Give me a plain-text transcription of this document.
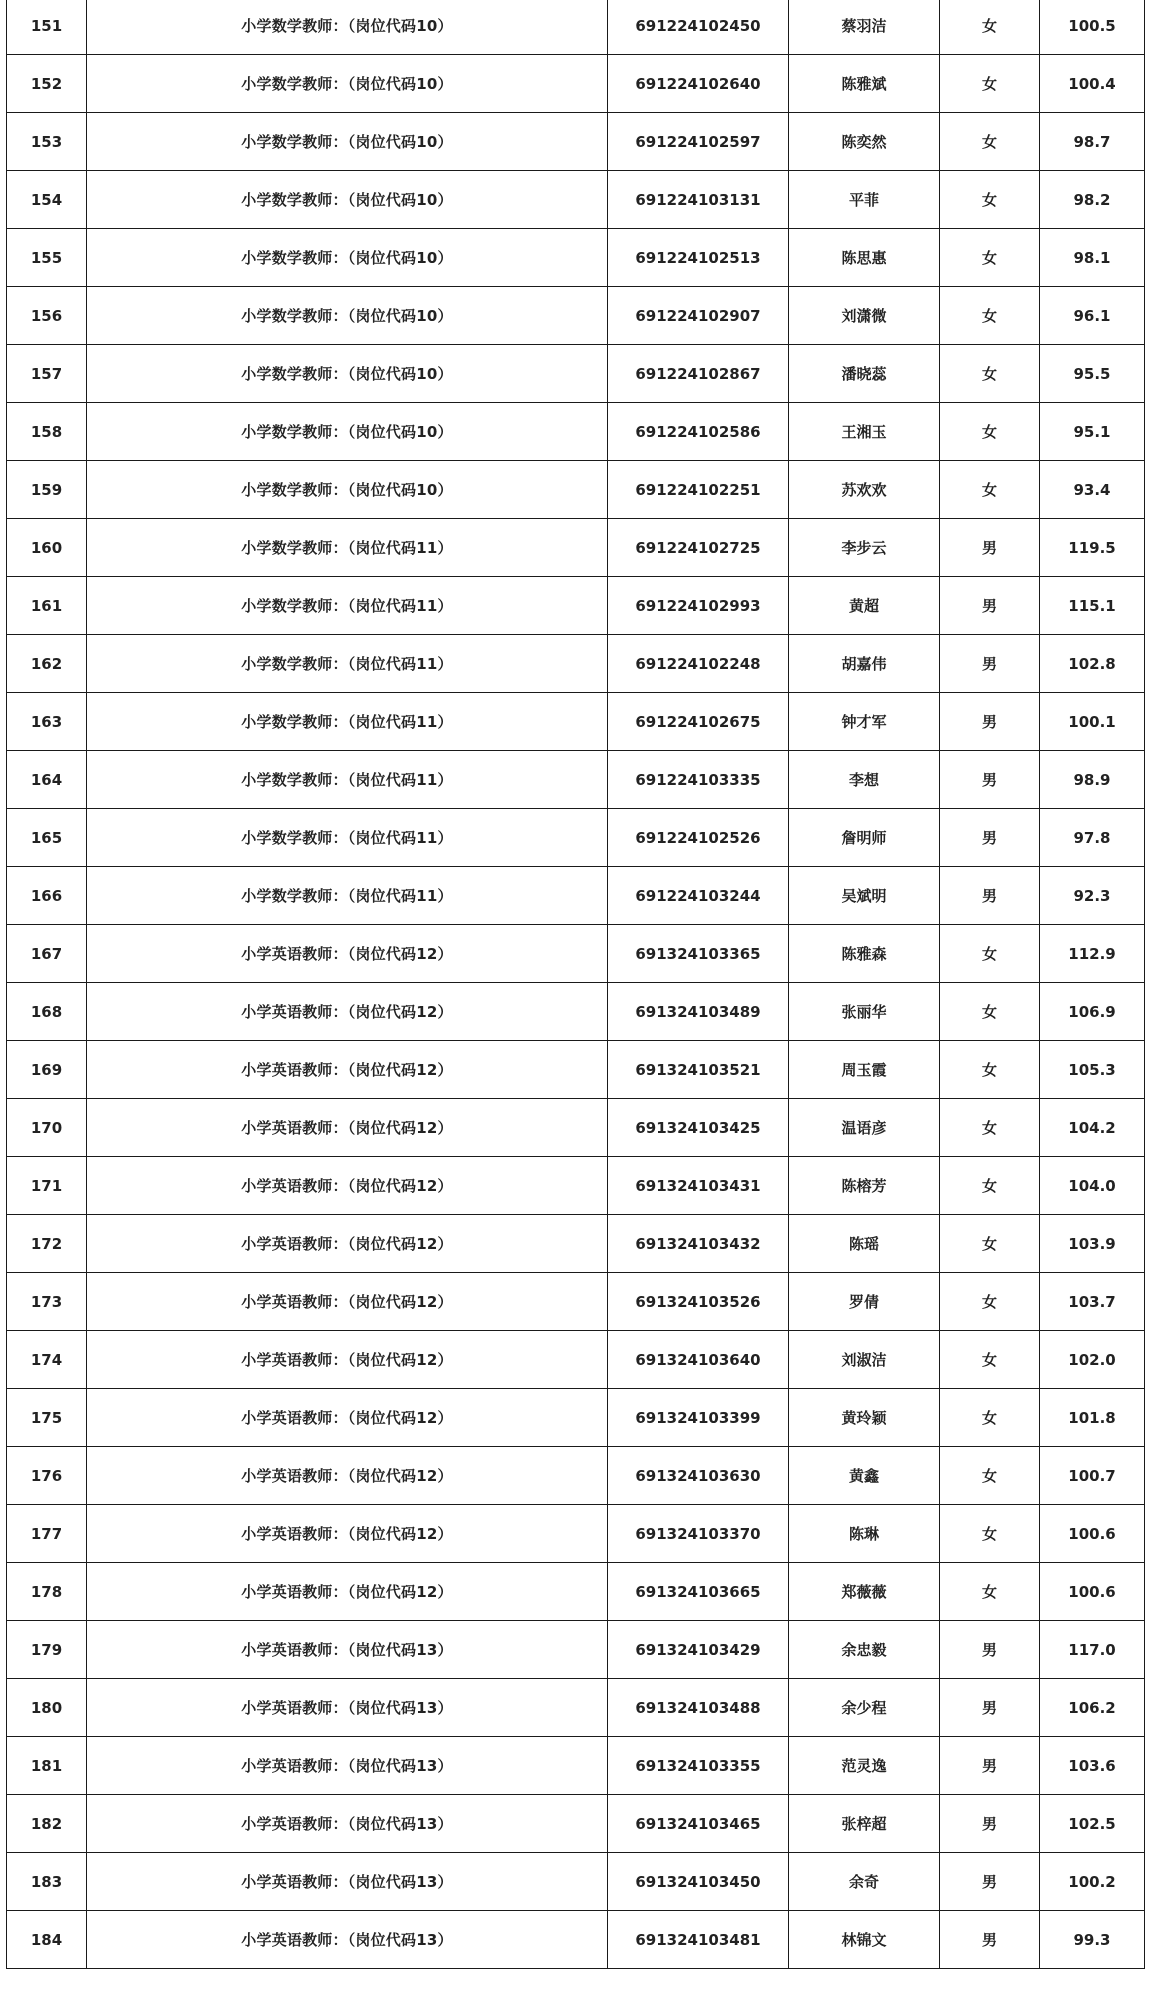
151	小学数学教师：（岗位代码10）	691224102450	蔡羽洁	女	100.5
152	小学数学教师：（岗位代码10）	691224102640	陈雅斌	女	100.4
153	小学数学教师：（岗位代码10）	691224102597	陈奕然	女	98.7
154	小学数学教师：（岗位代码10）	691224103131	平菲	女	98.2
155	小学数学教师：（岗位代码10）	691224102513	陈思惠	女	98.1
156	小学数学教师：（岗位代码10）	691224102907	刘潇微	女	96.1
157	小学数学教师：（岗位代码10）	691224102867	潘晓蕊	女	95.5
158	小学数学教师：（岗位代码10）	691224102586	王湘玉	女	95.1
159	小学数学教师：（岗位代码10）	691224102251	苏欢欢	女	93.4
160	小学数学教师：（岗位代码11）	691224102725	李步云	男	119.5
161	小学数学教师：（岗位代码11）	691224102993	黄超	男	115.1
162	小学数学教师：（岗位代码11）	691224102248	胡嘉伟	男	102.8
163	小学数学教师：（岗位代码11）	691224102675	钟才军	男	100.1
164	小学数学教师：（岗位代码11）	691224103335	李想	男	98.9
165	小学数学教师：（岗位代码11）	691224102526	詹明师	男	97.8
166	小学数学教师：（岗位代码11）	691224103244	吴斌明	男	92.3
167	小学英语教师：（岗位代码12）	691324103365	陈雅森	女	112.9
168	小学英语教师：（岗位代码12）	691324103489	张丽华	女	106.9
169	小学英语教师：（岗位代码12）	691324103521	周玉霞	女	105.3
170	小学英语教师：（岗位代码12）	691324103425	温语彦	女	104.2
171	小学英语教师：（岗位代码12）	691324103431	陈榕芳	女	104.0
172	小学英语教师：（岗位代码12）	691324103432	陈瑶	女	103.9
173	小学英语教师：（岗位代码12）	691324103526	罗倩	女	103.7
174	小学英语教师：（岗位代码12）	691324103640	刘淑洁	女	102.0
175	小学英语教师：（岗位代码12）	691324103399	黄玲颖	女	101.8
176	小学英语教师：（岗位代码12）	691324103630	黄鑫	女	100.7
177	小学英语教师：（岗位代码12）	691324103370	陈琳	女	100.6
178	小学英语教师：（岗位代码12）	691324103665	郑薇薇	女	100.6
179	小学英语教师：（岗位代码13）	691324103429	余忠毅	男	117.0
180	小学英语教师：（岗位代码13）	691324103488	余少程	男	106.2
181	小学英语教师：（岗位代码13）	691324103355	范灵逸	男	103.6
182	小学英语教师：（岗位代码13）	691324103465	张梓超	男	102.5
183	小学英语教师：（岗位代码13）	691324103450	余奇	男	100.2
184	小学英语教师：（岗位代码13）	691324103481	林锦文	男	99.3
